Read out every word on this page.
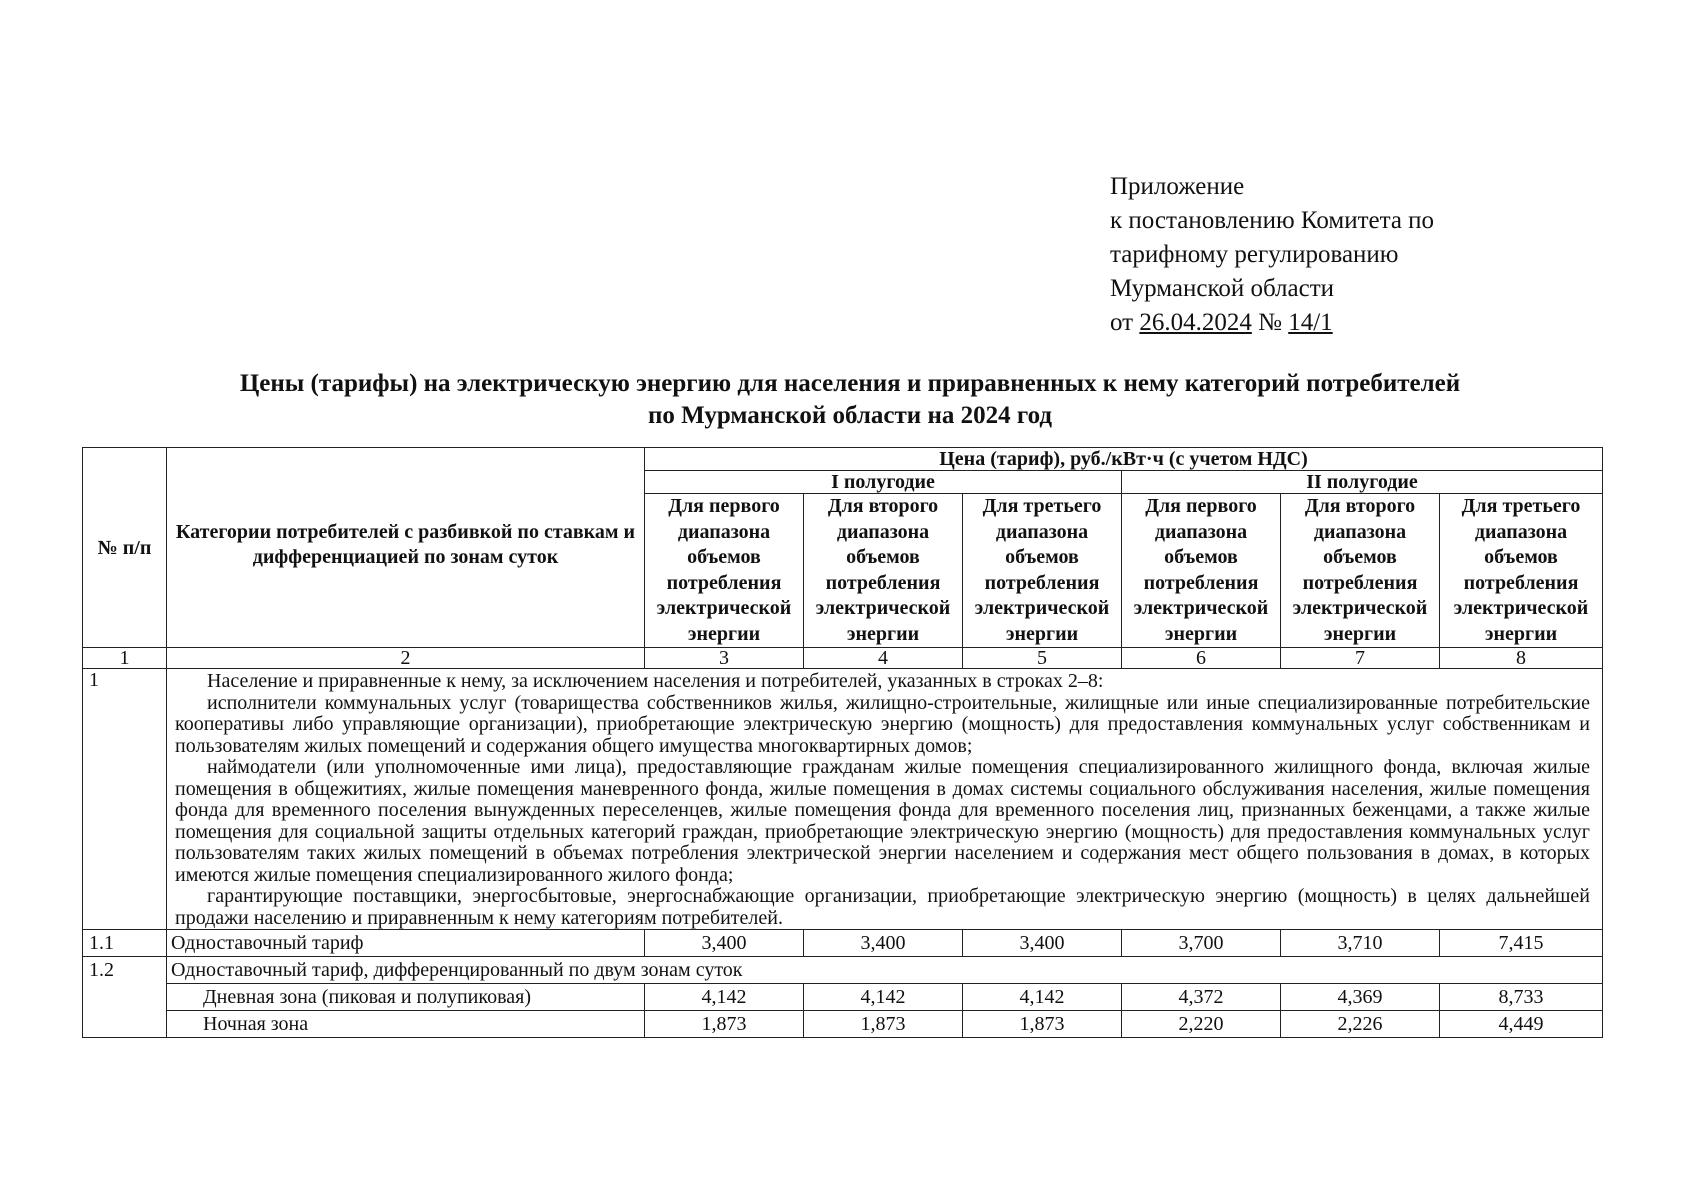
Приложение
к постановлению Комитета по
тарифному регулированию
Мурманской области
от 26.04.2024 № 14/1
Цены (тарифы) на электрическую энергию для населения и приравненных к нему категорий потребителей
по Мурманской области на 2024 год
№ п/п	Категории потребителей с разбивкой по ставкам и дифференциацией по зонам суток	Цена (тариф), руб./кВт·ч (с учетом НДС)					
		I полугодие			II полугодие		
		Для первого диапазона объемов потребления электрической энергии	Для второго диапазона объемов потребления электрической энергии	Для третьего диапазона объемов потребления электрической энергии	Для первого диапазона объемов потребления электрической энергии	Для второго диапазона объемов потребления электрической энергии	Для третьего диапазона объемов потребления электрической энергии
1	2	3	4	5	6	7	8
1	Население и приравненные к нему, за исключением населения и потребителей, указанных в строках 2–8:

исполнители коммунальных услуг (товарищества собственников жилья, жилищно-строительные, жилищные или иные специализированные потребительские кооперативы либо управляющие организации), приобретающие электрическую энергию (мощность) для предоставления коммунальных услуг собственникам и пользователям жилых помещений и содержания общего имущества многоквартирных домов;

наймодатели (или уполномоченные ими лица), предоставляющие гражданам жилые помещения специализированного жилищного фонда, включая жилые помещения в общежитиях, жилые помещения маневренного фонда, жилые помещения в домах системы социального обслуживания населения, жилые помещения фонда для временного поселения вынужденных переселенцев, жилые помещения фонда для временного поселения лиц, признанных беженцами, а также жилые помещения для социальной защиты отдельных категорий граждан, приобретающие электрическую энергию (мощность) для предоставления коммунальных услуг пользователям таких жилых помещений в объемах потребления электрической энергии населением и содержания мест общего пользования в домах, в которых имеются жилые помещения специализированного жилого фонда;

гарантирующие поставщики, энергосбытовые, энергоснабжающие организации, приобретающие электрическую энергию (мощность) в целях дальнейшей продажи населению и приравненным к нему категориям потребителей.						

1.1	Одноставочный тариф	3,400	3,400	3,400	3,700	3,710	7,415
1.2	Одноставочный тариф, дифференцированный по двум зонам суток						
	Дневная зона (пиковая и полупиковая)	4,142	4,142	4,142	4,372	4,369	8,733
	Ночная зона	1,873	1,873	1,873	2,220	2,226	4,449
